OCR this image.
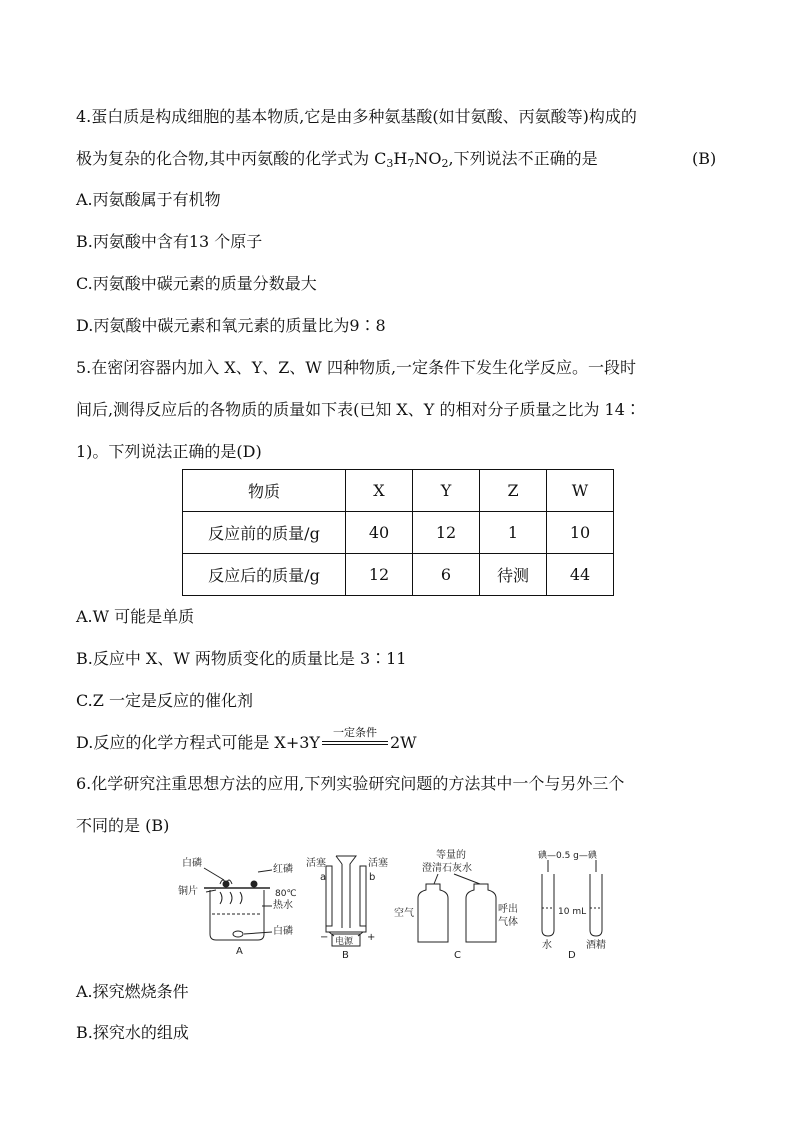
4.蛋白质是构成细胞的基本物质,它是由多种氨基酸(如甘氨酸、丙氨酸等)构成的
极为复杂的化合物,其中丙氨酸的化学式为 $C_3H_7NO_2$,下列说法不正确的是	(B)
A.丙氨酸属于有机物
B.丙氨酸中含有13 个原子
C.丙氨酸中碳元素的质量分数最大
D.丙氨酸中碳元素和氧元素的质量比为9∶8
5.在密闭容器内加入 X、Y、Z、W 四种物质,一定条件下发生化学反应。一段时
间后,测得反应后的各物质的质量如下表(已知 X、Y 的相对分子质量之比为 14∶
1)。下列说法正确的是(D)
物质	X	Y	Z	W
反应前的质量/g	40	12	1	10
反应后的质量/g	12	6	待测	44
A.W 可能是单质
B.反应中 X、W 两物质变化的质量比是 3∶11
C.Z 一定是反应的催化剂
D.反应的化学方程式可能是 X+3Y
一定条件
2W
6.化学研究注重思想方法的应用,下列实验研究问题的方法其中一个与另外三个
不同的是 (B)
白磷
铜片
红磷
80℃
热水
白磷
A
活塞
a
活塞
b
电源
−	+
B
等量的
澄清石灰水
空气	呼出
气体
C
碘—0.5 g—碘
10 mL
水	酒精
D
A.探究燃烧条件
B.探究水的组成
